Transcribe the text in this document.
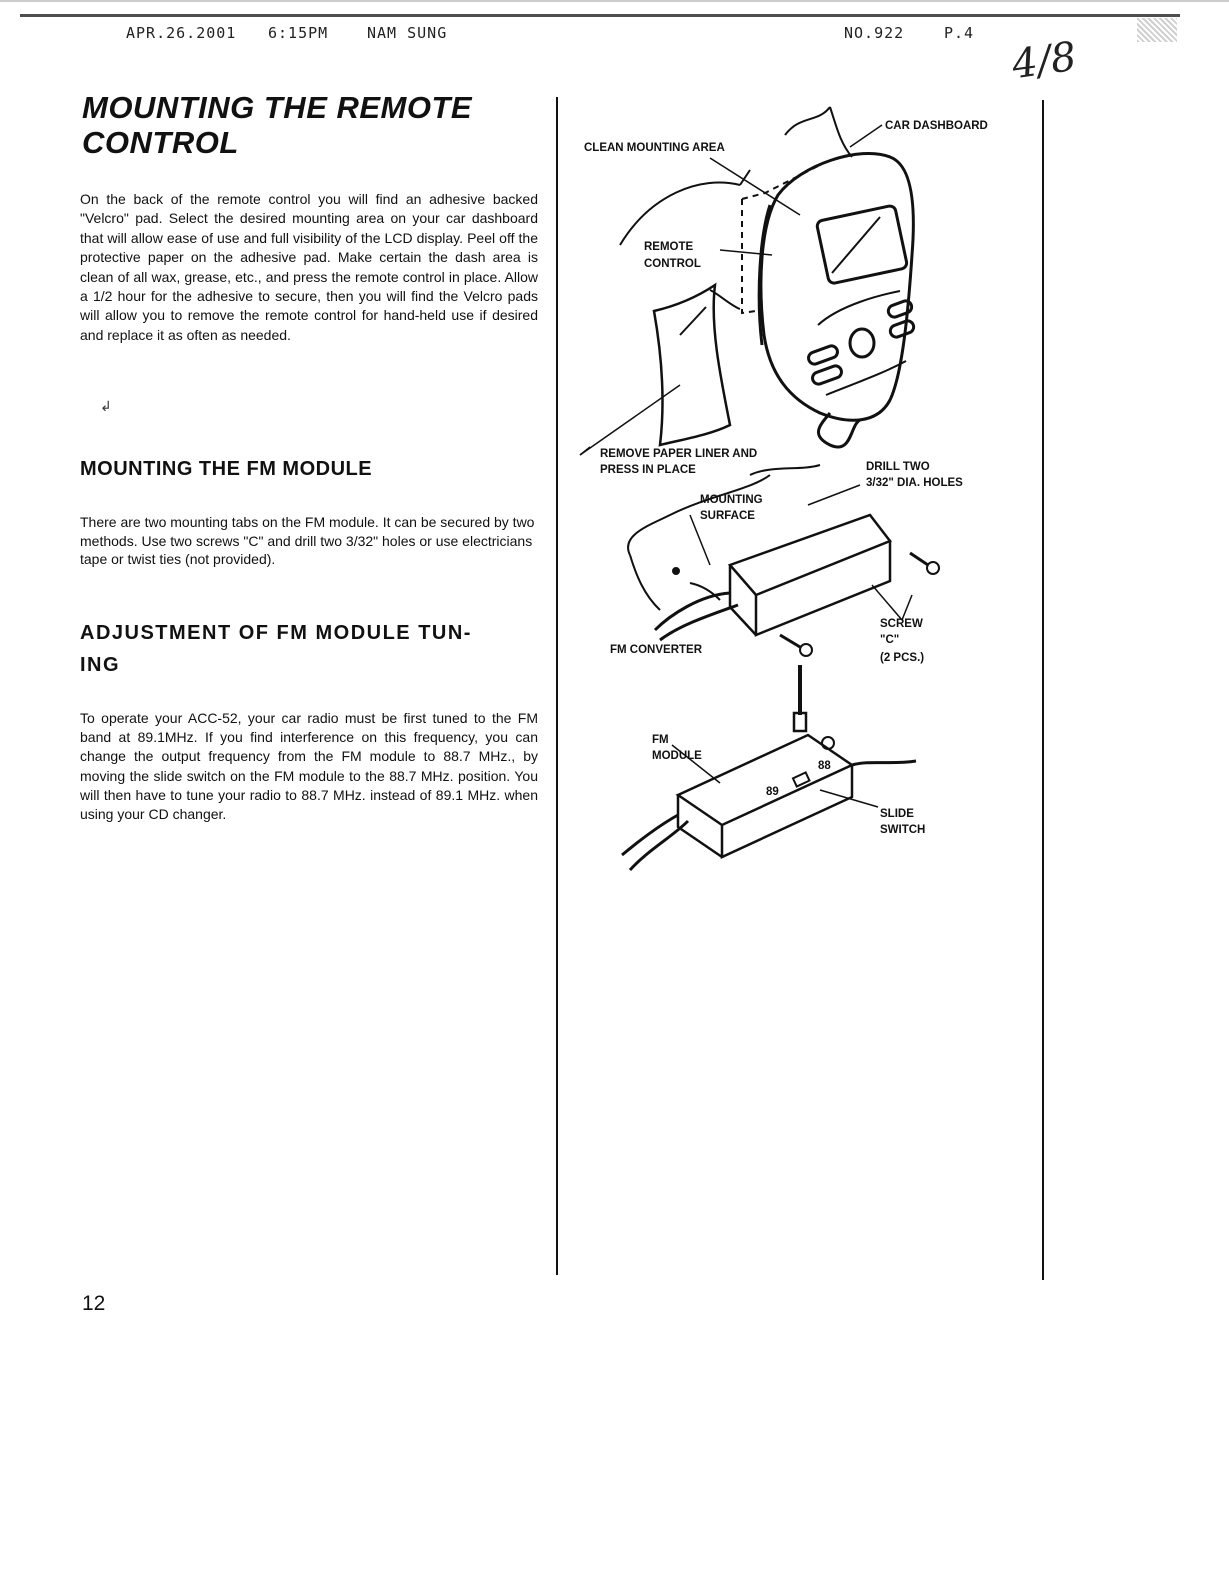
APR.26.2001 6:15PM	NAM SUNG	NO.922	P.4
4/8
MOUNTING THE REMOTE CONTROL

On the back of the remote control you will find an adhesive backed "Velcro" pad. Select the desired mounting area on your car dashboard that will allow ease of use and full visibility of the LCD display. Peel off the protective paper on the adhesive pad. Make certain the dash area is clean of all wax, grease, etc., and press the remote control in place. Allow a 1/2 hour for the adhesive to secure, then you will find the Velcro pads will allow you to remove the remote control for hand-held use if desired and replace it as often as needed.

↲
MOUNTING THE FM MODULE

There are two mounting tabs on the FM module. It can be secured by two methods. Use two screws "C" and drill two 3/32" holes or use electricians tape or twist ties (not provided).

ADJUSTMENT OF FM MODULE TUN-
ING

To operate your ACC-52, your car radio must be first tuned to the FM band at 89.1MHz. If you find interference on this frequency, you can change the output frequency from the FM module to 88.7 MHz., by moving the slide switch on the FM module to the 88.7 MHz. position. You will then have to tune your radio to 88.7 MHz. instead of 89.1 MHz. when using your CD changer.

12
CAR DASHBOARD
CLEAN MOUNTING AREA
REMOTE
CONTROL
REMOVE PAPER LINER AND
PRESS IN PLACE	DRILL TWO
3/32" DIA. HOLES
MOUNTING
SURFACE
SCREW
"C"
(2 PCS.)
FM CONVERTER
FM
MODULE
88
89
SLIDE
SWITCH
